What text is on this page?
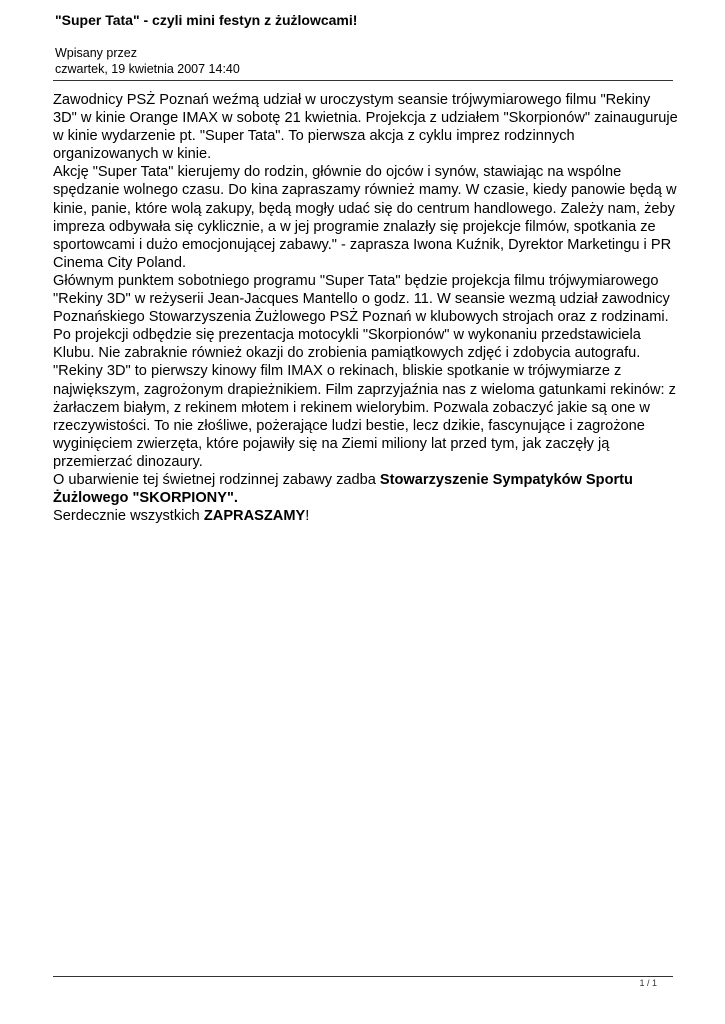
"Super Tata" - czyli mini festyn z żużlowcami!
Wpisany przez
czwartek, 19 kwietnia 2007 14:40

Zawodnicy PSŻ Poznań weźmą udział w uroczystym seansie trójwymiarowego filmu "Rekiny 3D" w kinie Orange IMAX w sobotę 21 kwietnia. Projekcja z udziałem "Skorpionów" zainauguruje w kinie wydarzenie pt. "Super Tata". To pierwsza akcja z cyklu imprez rodzinnych organizowanych w kinie.

Akcję "Super Tata" kierujemy do rodzin, głównie do ojców i synów, stawiając na wspólne spędzanie wolnego czasu. Do kina zapraszamy również mamy. W czasie, kiedy panowie będą w kinie, panie, które wolą zakupy, będą mogły udać się do centrum handlowego. Zależy nam, żeby impreza odbywała się cyklicznie, a w jej programie znalazły się projekcje filmów, spotkania ze sportowcami i dużo emocjonującej zabawy." - zaprasza Iwona Kuźnik, Dyrektor Marketingu i PR Cinema City Poland.

Głównym punktem sobotniego programu "Super Tata" będzie projekcja filmu trójwymiarowego "Rekiny 3D" w reżyserii Jean-Jacques Mantello o godz. 11. W seansie wezmą udział zawodnicy Poznańskiego Stowarzyszenia Żużlowego PSŻ Poznań w klubowych strojach oraz z rodzinami. Po projekcji odbędzie się prezentacja motocykli "Skorpionów" w wykonaniu przedstawiciela Klubu. Nie zabraknie również okazji do zrobienia pamiątkowych zdjęć i zdobycia autografu.

"Rekiny 3D" to pierwszy kinowy film IMAX o rekinach, bliskie spotkanie w trójwymiarze z największym, zagrożonym drapieżnikiem. Film zaprzyjaźnia nas z wieloma gatunkami rekinów: z żarłaczem białym, z rekinem młotem i rekinem wielorybim. Pozwala zobaczyć jakie są one w rzeczywistości. To nie złośliwe, pożerające ludzi bestie, lecz dzikie, fascynujące i zagrożone wyginięciem zwierzęta, które pojawiły się na Ziemi miliony lat przed tym, jak zaczęły ją przemierzać dinozaury.

O ubarwienie tej świetnej rodzinnej zabawy zadba Stowarzyszenie Sympatyków Sportu Żużlowego "SKORPIONY".

Serdecznie wszystkich ZAPRASZAMY!

1 / 1
